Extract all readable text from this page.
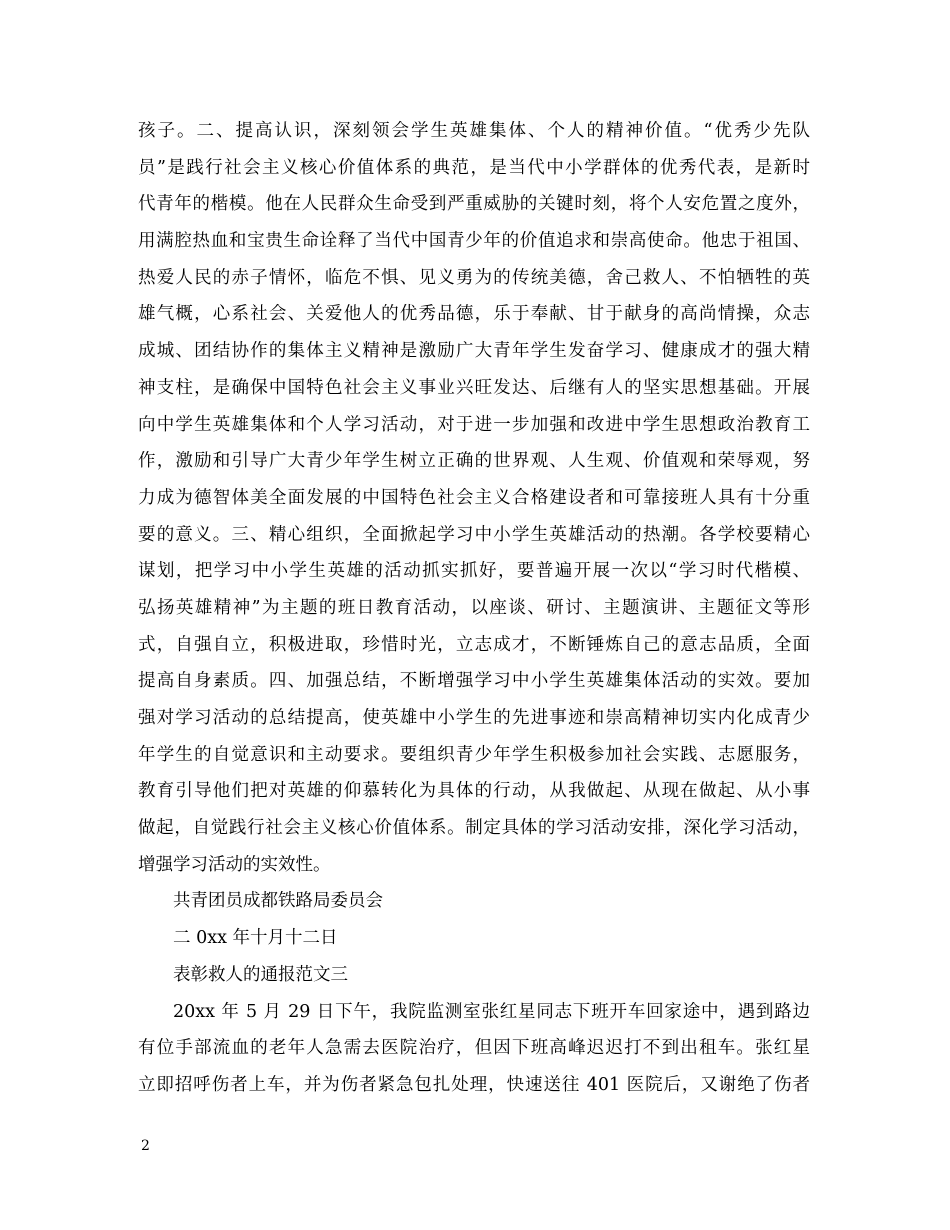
孩子。二、提高认识，深刻领会学生英雄集体、个人的精神价值。“优秀少先队
员”是践行社会主义核心价值体系的典范，是当代中小学群体的优秀代表，是新时
代青年的楷模。他在人民群众生命受到严重威胁的关键时刻，将个人安危置之度外，
用满腔热血和宝贵生命诠释了当代中国青少年的价值追求和崇高使命。他忠于祖国、
热爱人民的赤子情怀，临危不惧、见义勇为的传统美德，舍己救人、不怕牺牲的英
雄气概，心系社会、关爱他人的优秀品德，乐于奉献、甘于献身的高尚情操，众志
成城、团结协作的集体主义精神是激励广大青年学生发奋学习、健康成才的强大精
神支柱，是确保中国特色社会主义事业兴旺发达、后继有人的坚实思想基础。开展
向中学生英雄集体和个人学习活动，对于进一步加强和改进中学生思想政治教育工
作，激励和引导广大青少年学生树立正确的世界观、人生观、价值观和荣辱观，努
力成为德智体美全面发展的中国特色社会主义合格建设者和可靠接班人具有十分重
要的意义。三、精心组织，全面掀起学习中小学生英雄活动的热潮。各学校要精心
谋划，把学习中小学生英雄的活动抓实抓好，要普遍开展一次以“学习时代楷模、
弘扬英雄精神”为主题的班日教育活动，以座谈、研讨、主题演讲、主题征文等形
式，自强自立，积极进取，珍惜时光，立志成才，不断锤炼自己的意志品质，全面
提高自身素质。四、加强总结，不断增强学习中小学生英雄集体活动的实效。要加
强对学习活动的总结提高，使英雄中小学生的先进事迹和崇高精神切实内化成青少
年学生的自觉意识和主动要求。要组织青少年学生积极参加社会实践、志愿服务，
教育引导他们把对英雄的仰慕转化为具体的行动，从我做起、从现在做起、从小事
做起，自觉践行社会主义核心价值体系。制定具体的学习活动安排，深化学习活动，
增强学习活动的实效性。
共青团员成都铁路局委员会
二 0xx 年十月十二日
表彰救人的通报范文三
20xx 年 5 月 29 日下午，我院监测室张红星同志下班开车回家途中，遇到路边
有位手部流血的老年人急需去医院治疗，但因下班高峰迟迟打不到出租车。张红星
立即招呼伤者上车，并为伤者紧急包扎处理，快速送往 401 医院后，又谢绝了伤者
2
